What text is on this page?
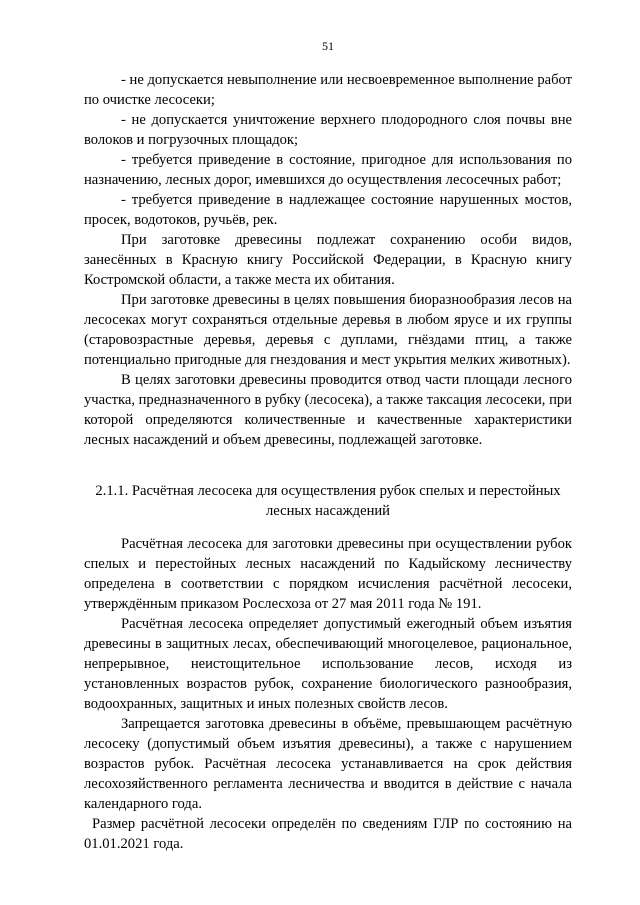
51

- не допускается невыполнение или несвоевременное выполнение работ по очистке лесосеки;

- не допускается уничтожение верхнего плодородного слоя почвы вне волоков и погрузочных площадок;

- требуется приведение в состояние, пригодное для использования по назначению, лесных дорог, имевшихся до осуществления лесосечных работ;

- требуется приведение в надлежащее состояние нарушенных мостов, просек, водотоков, ручьёв, рек.

При заготовке древесины подлежат сохранению особи видов, занесённых в Красную книгу Российской Федерации, в Красную книгу Костромской области, а также места их обитания.

При заготовке древесины в целях повышения биоразнообразия лесов на лесосеках могут сохраняться отдельные деревья в любом ярусе и их группы (старовозрастные деревья, деревья с дуплами, гнёздами птиц, а также потенциально пригодные для гнездования и мест укрытия мелких животных).

В целях заготовки древесины проводится отвод части площади лесного участка, предназначенного в рубку (лесосека), а также таксация лесосеки, при которой определяются количественные и качественные характеристики лесных насаждений и объем древесины, подлежащей заготовке.

2.1.1. Расчётная лесосека для осуществления рубок спелых и перестойных лесных насаждений

Расчётная лесосека для заготовки древесины при осуществлении рубок спелых и перестойных лесных насаждений по Кадыйскому лесничеству определена в соответствии с порядком исчисления расчётной лесосеки, утверждённым приказом Рослесхоза от 27 мая 2011 года № 191.

Расчётная лесосека определяет допустимый ежегодный объем изъятия древесины в защитных лесах, обеспечивающий многоцелевое, рациональное, непрерывное, неистощительное использование лесов, исходя из установленных возрастов рубок, сохранение биологического разнообразия, водоохранных, защитных и иных полезных свойств лесов.

Запрещается заготовка древесины в объёме, превышающем расчётную лесосеку (допустимый объем изъятия древесины), а также с нарушением возрастов рубок. Расчётная лесосека устанавливается на срок действия лесохозяйственного регламента лесничества и вводится в действие с начала календарного года.

Размер расчётной лесосеки определён по сведениям ГЛР по состоянию на 01.01.2021 года.
